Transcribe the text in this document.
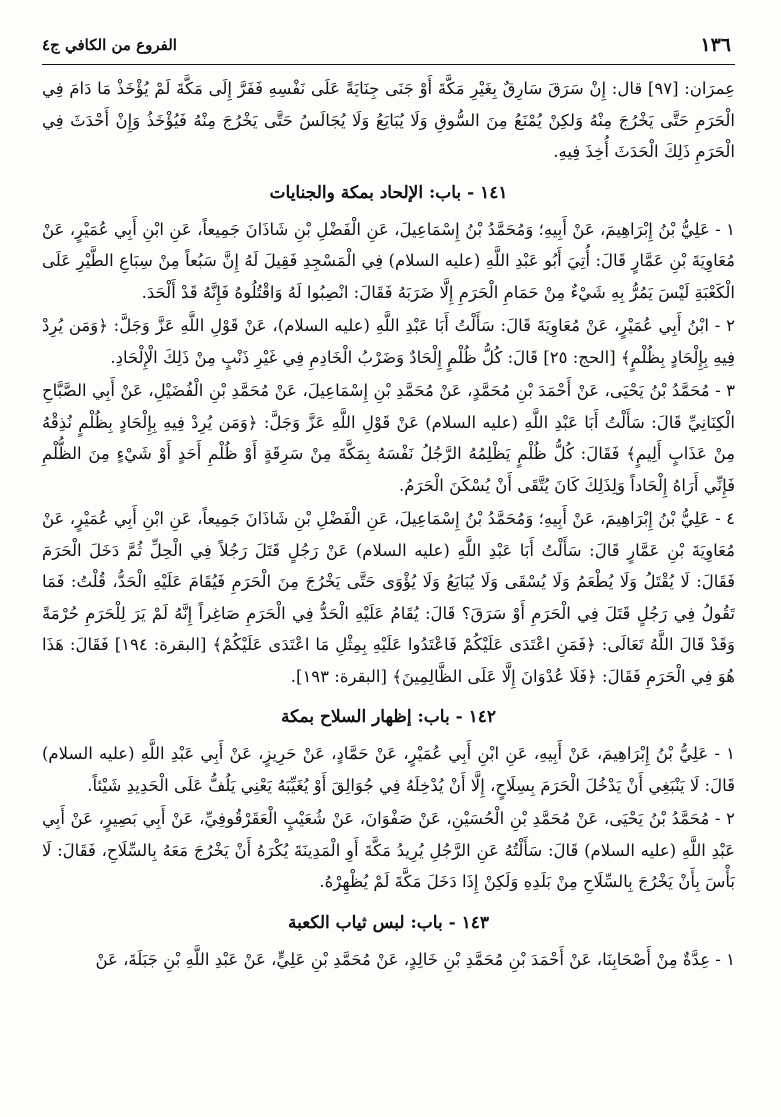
١٣٦
الفروع من الكافي ج٤

عِمرَان: [٩٧] قال: إِنْ سَرَقَ سَارِقٌ بِغَيْرِ مَكَّةَ أَوْ جَنَى جِنَايَةً عَلَى نَفْسِهِ فَفَرَّ إِلَى مَكَّةَ لَمْ يُؤْخَذْ مَا دَامَ فِي الْحَرَمِ حَتَّى يَخْرُجَ مِنْهُ وَلكِنْ يُمْنَعُ مِنَ السُّوقِ وَلَا يُبَايَعُ وَلَا يُجَالَسُ حَتَّى يَخْرُجَ مِنْهُ فَيُؤْخَذُ وَإِنْ أَحْدَثَ فِي الْحَرَمِ ذَلِكَ الْحَدَثَ أُخِذَ فِيهِ.

١٤١ - باب: الإلحاد بمكة والجنايات

١ - عَلِيُّ بْنُ إِبْرَاهِيمَ، عَنْ أَبِيهِ؛ وَمُحَمَّدُ بْنُ إِسْمَاعِيلَ، عَنِ الْفَضْلِ بْنِ شَاذَانَ جَمِيعاً، عَنِ ابْنِ أَبِي عُمَيْرٍ، عَنْ مُعَاوِيَةَ بْنِ عَمَّارٍ قَالَ: أُتِيَ أَبُو عَبْدِ اللَّهِ (عليه السلام) فِي الْمَسْجِدِ فَقِيلَ لَهُ إِنَّ سَبُعاً مِنْ سِبَاعِ الطَّيْرِ عَلَى الْكَعْبَةِ لَيْسَ يَمُرُّ بِهِ شَيْءٌ مِنْ حَمَامِ الْحَرَمِ إِلَّا ضَرَبَهُ فَقَالَ: انْصِبُوا لَهُ وَاقْتُلُوهُ فَإِنَّهُ قَدْ أَلْحَدَ.

٢ - ابْنُ أَبِي عُمَيْرٍ، عَنْ مُعَاوِيَةَ قَالَ: سَأَلْتُ أَبَا عَبْدِ اللَّهِ (عليه السلام)، عَنْ قَوْلِ اللَّهِ عَزَّ وَجَلَّ: ﴿وَمَن يُرِدْ فِيهِ بِإِلْحَادٍ بِظُلْمٍ﴾ [الحج: ٢٥] قَالَ: كُلُّ ظُلْمٍ إِلْحَادٌ وَضَرْبُ الْخَادِمِ فِي غَيْرِ ذَنْبٍ مِنْ ذَلِكَ الْإِلْحَادِ.

٣ - مُحَمَّدُ بْنُ يَحْيَى، عَنْ أَحْمَدَ بْنِ مُحَمَّدٍ، عَنْ مُحَمَّدِ بْنِ إِسْمَاعِيلَ، عَنْ مُحَمَّدِ بْنِ الْفُضَيْلِ، عَنْ أَبِي الصَّبَّاحِ الْكِنَانِيِّ قَالَ: سَأَلْتُ أَبَا عَبْدِ اللَّهِ (عليه السلام) عَنْ قَوْلِ اللَّهِ عَزَّ وَجَلَّ: ﴿وَمَن يُرِدْ فِيهِ بِإِلْحَادٍ بِظُلْمٍ نُذِقْهُ مِنْ عَذَابٍ أَلِيمٍ﴾ فَقَالَ: كُلُّ ظُلْمٍ يَظْلِمُهُ الرَّجُلُ نَفْسَهُ بِمَكَّةَ مِنْ سَرِقَةٍ أَوْ ظُلْمِ أَحَدٍ أَوْ شَيْءٍ مِنَ الظُّلْمِ فَإِنِّي أَرَاهُ إِلْحَاداً وَلِذَلِكَ كَانَ يُتَّقَى أَنْ يُسْكَنَ الْحَرَمُ.

٤ - عَلِيُّ بْنُ إِبْرَاهِيمَ، عَنْ أَبِيهِ؛ وَمُحَمَّدُ بْنُ إِسْمَاعِيلَ، عَنِ الْفَضْلِ بْنِ شَاذَانَ جَمِيعاً، عَنِ ابْنِ أَبِي عُمَيْرٍ، عَنْ مُعَاوِيَةَ بْنِ عَمَّارٍ قَالَ: سَأَلْتُ أَبَا عَبْدِ اللَّهِ (عليه السلام) عَنْ رَجُلٍ قَتَلَ رَجُلاً فِي الْحِلِّ ثُمَّ دَخَلَ الْحَرَمَ فَقَالَ: لَا يُقْتَلُ وَلَا يُطْعَمُ وَلَا يُسْقَى وَلَا يُبَايَعُ وَلَا يُؤْوَى حَتَّى يَخْرُجَ مِنَ الْحَرَمِ فَيُقَامَ عَلَيْهِ الْحَدُّ، قُلْتُ: فَمَا تَقُولُ فِي رَجُلٍ قَتَلَ فِي الْحَرَمِ أَوْ سَرَقَ؟ قَالَ: يُقَامُ عَلَيْهِ الْحَدُّ فِي الْحَرَمِ صَاغِراً إِنَّهُ لَمْ يَرَ لِلْحَرَمِ حُرْمَةً وَقَدْ قَالَ اللَّهُ تَعَالَى: ﴿فَمَنِ اعْتَدَى عَلَيْكُمْ فَاعْتَدُوا عَلَيْهِ بِمِثْلِ مَا اعْتَدَى عَلَيْكُمْ﴾ [البقرة: ١٩٤] فَقَالَ: هَذَا هُوَ فِي الْحَرَمِ فَقَالَ: ﴿فَلَا عُدْوَانَ إِلَّا عَلَى الظَّالِمِينَ﴾ [البقرة: ١٩٣].

١٤٢ - باب: إظهار السلاح بمكة

١ - عَلِيُّ بْنُ إِبْرَاهِيمَ، عَنْ أَبِيهِ، عَنِ ابْنِ أَبِي عُمَيْرٍ، عَنْ حَمَّادٍ، عَنْ حَرِيزٍ، عَنْ أَبِي عَبْدِ اللَّهِ (عليه السلام) قَالَ: لَا يَنْبَغِي أَنْ يَدْخُلَ الْحَرَمَ بِسِلَاحٍ، إِلَّا أَنْ يُدْخِلَهُ فِي جُوَالِقَ أَوْ يُغَيِّبَهُ يَعْنِي يَلُفُّ عَلَى الْحَدِيدِ شَيْئاً.

٢ - مُحَمَّدُ بْنُ يَحْيَى، عَنْ مُحَمَّدِ بْنِ الْحُسَيْنِ، عَنْ صَفْوَانَ، عَنْ شُعَيْبٍ الْعَقَرْقُوفِيِّ، عَنْ أَبِي بَصِيرٍ، عَنْ أَبِي عَبْدِ اللَّهِ (عليه السلام) قَالَ: سَأَلْتُهُ عَنِ الرَّجُلِ يُرِيدُ مَكَّةَ أَوِ الْمَدِينَةَ يُكْرَهُ أَنْ يَخْرُجَ مَعَهُ بِالسِّلَاحِ، فَقَالَ: لَا بَأْسَ بِأَنْ يَخْرُجَ بِالسِّلَاحِ مِنْ بَلَدِهِ وَلَكِنْ إِذَا دَخَلَ مَكَّةَ لَمْ يُظْهِرْهُ.

١٤٣ - باب: لبس ثياب الكعبة

١ - عِدَّةٌ مِنْ أَصْحَابِنَا، عَنْ أَحْمَدَ بْنِ مُحَمَّدِ بْنِ خَالِدٍ، عَنْ مُحَمَّدِ بْنِ عَلِيٍّ، عَنْ عَبْدِ اللَّهِ بْنِ جَبَلَةَ، عَنْ
